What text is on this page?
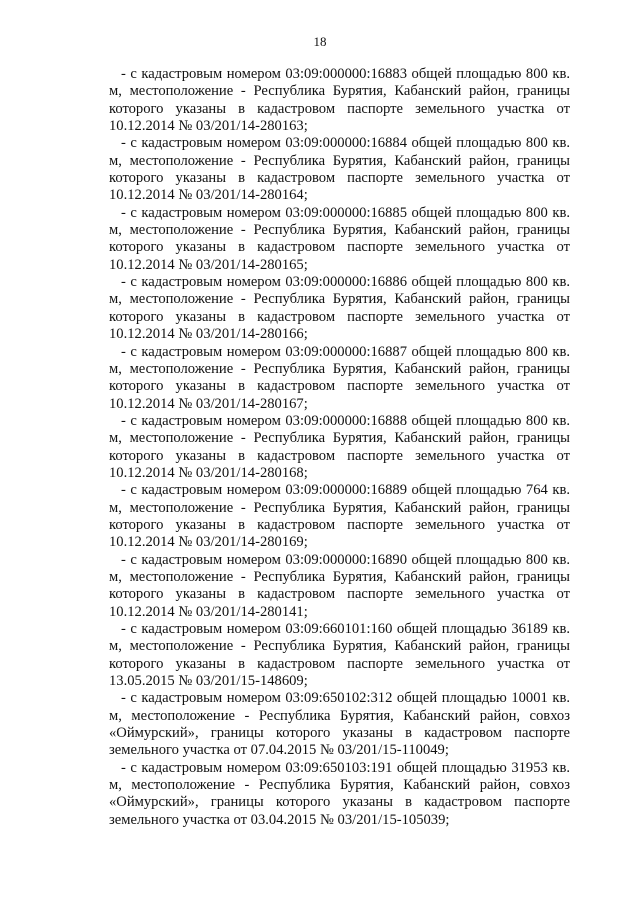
18

- с кадастровым номером 03:09:000000:16883 общей площадью 800 кв. м, местоположение - Республика Бурятия, Кабанский район, границы которого указаны в кадастровом паспорте земельного участка от 10.12.2014 № 03/201/14-280163;

- с кадастровым номером 03:09:000000:16884 общей площадью 800 кв. м, местоположение - Республика Бурятия, Кабанский район, границы которого указаны в кадастровом паспорте земельного участка от 10.12.2014 № 03/201/14-280164;

- с кадастровым номером 03:09:000000:16885 общей площадью 800 кв. м, местоположение - Республика Бурятия, Кабанский район, границы которого указаны в кадастровом паспорте земельного участка от 10.12.2014 № 03/201/14-280165;

- с кадастровым номером 03:09:000000:16886 общей площадью 800 кв. м, местоположение - Республика Бурятия, Кабанский район, границы которого указаны в кадастровом паспорте земельного участка от 10.12.2014 № 03/201/14-280166;

- с кадастровым номером 03:09:000000:16887 общей площадью 800 кв. м, местоположение - Республика Бурятия, Кабанский район, границы которого указаны в кадастровом паспорте земельного участка от 10.12.2014 № 03/201/14-280167;

- с кадастровым номером 03:09:000000:16888 общей площадью 800 кв. м, местоположение - Республика Бурятия, Кабанский район, границы которого указаны в кадастровом паспорте земельного участка от 10.12.2014 № 03/201/14-280168;

- с кадастровым номером 03:09:000000:16889 общей площадью 764 кв. м, местоположение - Республика Бурятия, Кабанский район, границы которого указаны в кадастровом паспорте земельного участка от 10.12.2014 № 03/201/14-280169;

- с кадастровым номером 03:09:000000:16890 общей площадью 800 кв. м, местоположение - Республика Бурятия, Кабанский район, границы которого указаны в кадастровом паспорте земельного участка от 10.12.2014 № 03/201/14-280141;

- с кадастровым номером 03:09:660101:160 общей площадью 36189 кв. м, местоположение - Республика Бурятия, Кабанский район, границы которого указаны в кадастровом паспорте земельного участка от 13.05.2015 № 03/201/15-148609;

- с кадастровым номером 03:09:650102:312 общей площадью 10001 кв. м, местоположение - Республика Бурятия, Кабанский район, совхоз «Оймурский», границы которого указаны в кадастровом паспорте земельного участка от 07.04.2015 № 03/201/15-110049;

- с кадастровым номером 03:09:650103:191 общей площадью 31953 кв. м, местоположение - Республика Бурятия, Кабанский район, совхоз «Оймурский», границы которого указаны в кадастровом паспорте земельного участка от 03.04.2015 № 03/201/15-105039;
